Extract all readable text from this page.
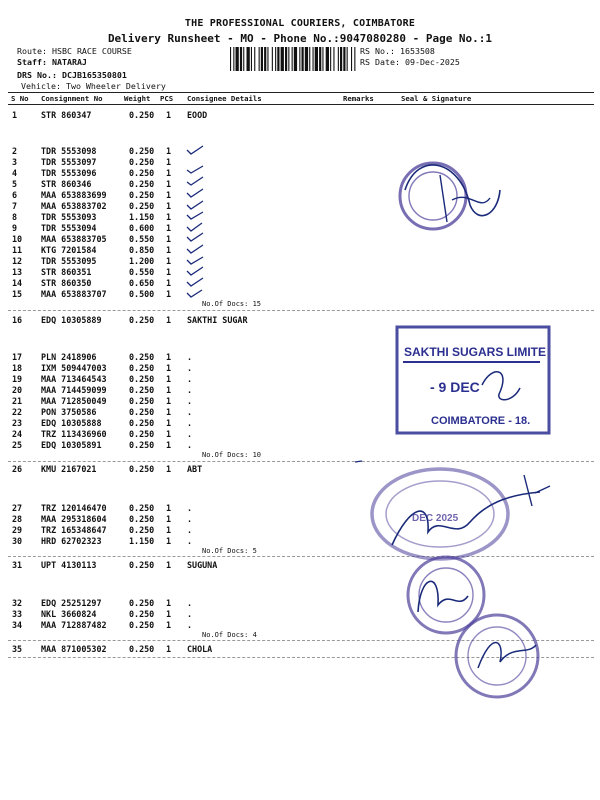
THE PROFESSIONAL COURIERS, COIMBATORE
Delivery Runsheet - MO - Phone No.:9047080280 - Page No.:1
Route: HSBC RACE COURSE
Staff: NATARAJ
DRS No.: DCJB165350801
Vehicle: Two Wheeler Delivery
RS No.: 1653508
RS Date: 09-Dec-2025
S No Consignment No	Weight PCS Consignee Details	Remarks	Seal & Signature
1	STR 860347	0.250 1 EOOD
2	TDR 5553098	0.250 1
3	TDR 5553097	0.250 1
4	TDR 5553096	0.250 1
5	STR 860346	0.250 1
6	MAA 653883699	0.250 1
7	MAA 653883702	0.250 1
8	TDR 5553093	1.150 1
9	TDR 5553094	0.600 1
10 MAA 653883705	0.550 1
11 KTG 7201584	0.850 1
12 TDR 5553095	1.200 1
13 STR 860351	0.550 1
14 STR 860350	0.650 1
15 MAA 653883707	0.500 1
No.Of Docs: 15
16 EDQ 10305889	0.250 1 SAKTHI SUGAR
17 PLN 2418906	0.250 1 .
18 IXM 509447003	0.250 1 .
19 MAA 713464543	0.250 1 .
20 MAA 714459099	0.250 1 .
21 MAA 712850049	0.250 1 .
22 PON 3750586	0.250 1 .
23 EDQ 10305888	0.250 1 .
24 TRZ 113436960	0.250 1 .
25 EDQ 10305891	0.250 1 .
No.Of Docs: 10
26 KMU 2167021	0.250 1 ABT
27 TRZ 120146470	0.250 1 .
28 MAA 295318604	0.250 1 .
29 TRZ 165348647	0.250 1 .
30 HRD 62702323	1.150 1 .
No.Of Docs: 5
31 UPT 4130113	0.250 1 SUGUNA
32 EDQ 25251297	0.250 1 .
33 NKL 3660824	0.250 1 .
34 MAA 712887482	0.250 1 .
No.Of Docs: 4
35 MAA 871005302	0.250 1 CHOLA
SAKTHI SUGARS LIMITE
- 9 DEC
COIMBATORE - 18.
DEC 2025
